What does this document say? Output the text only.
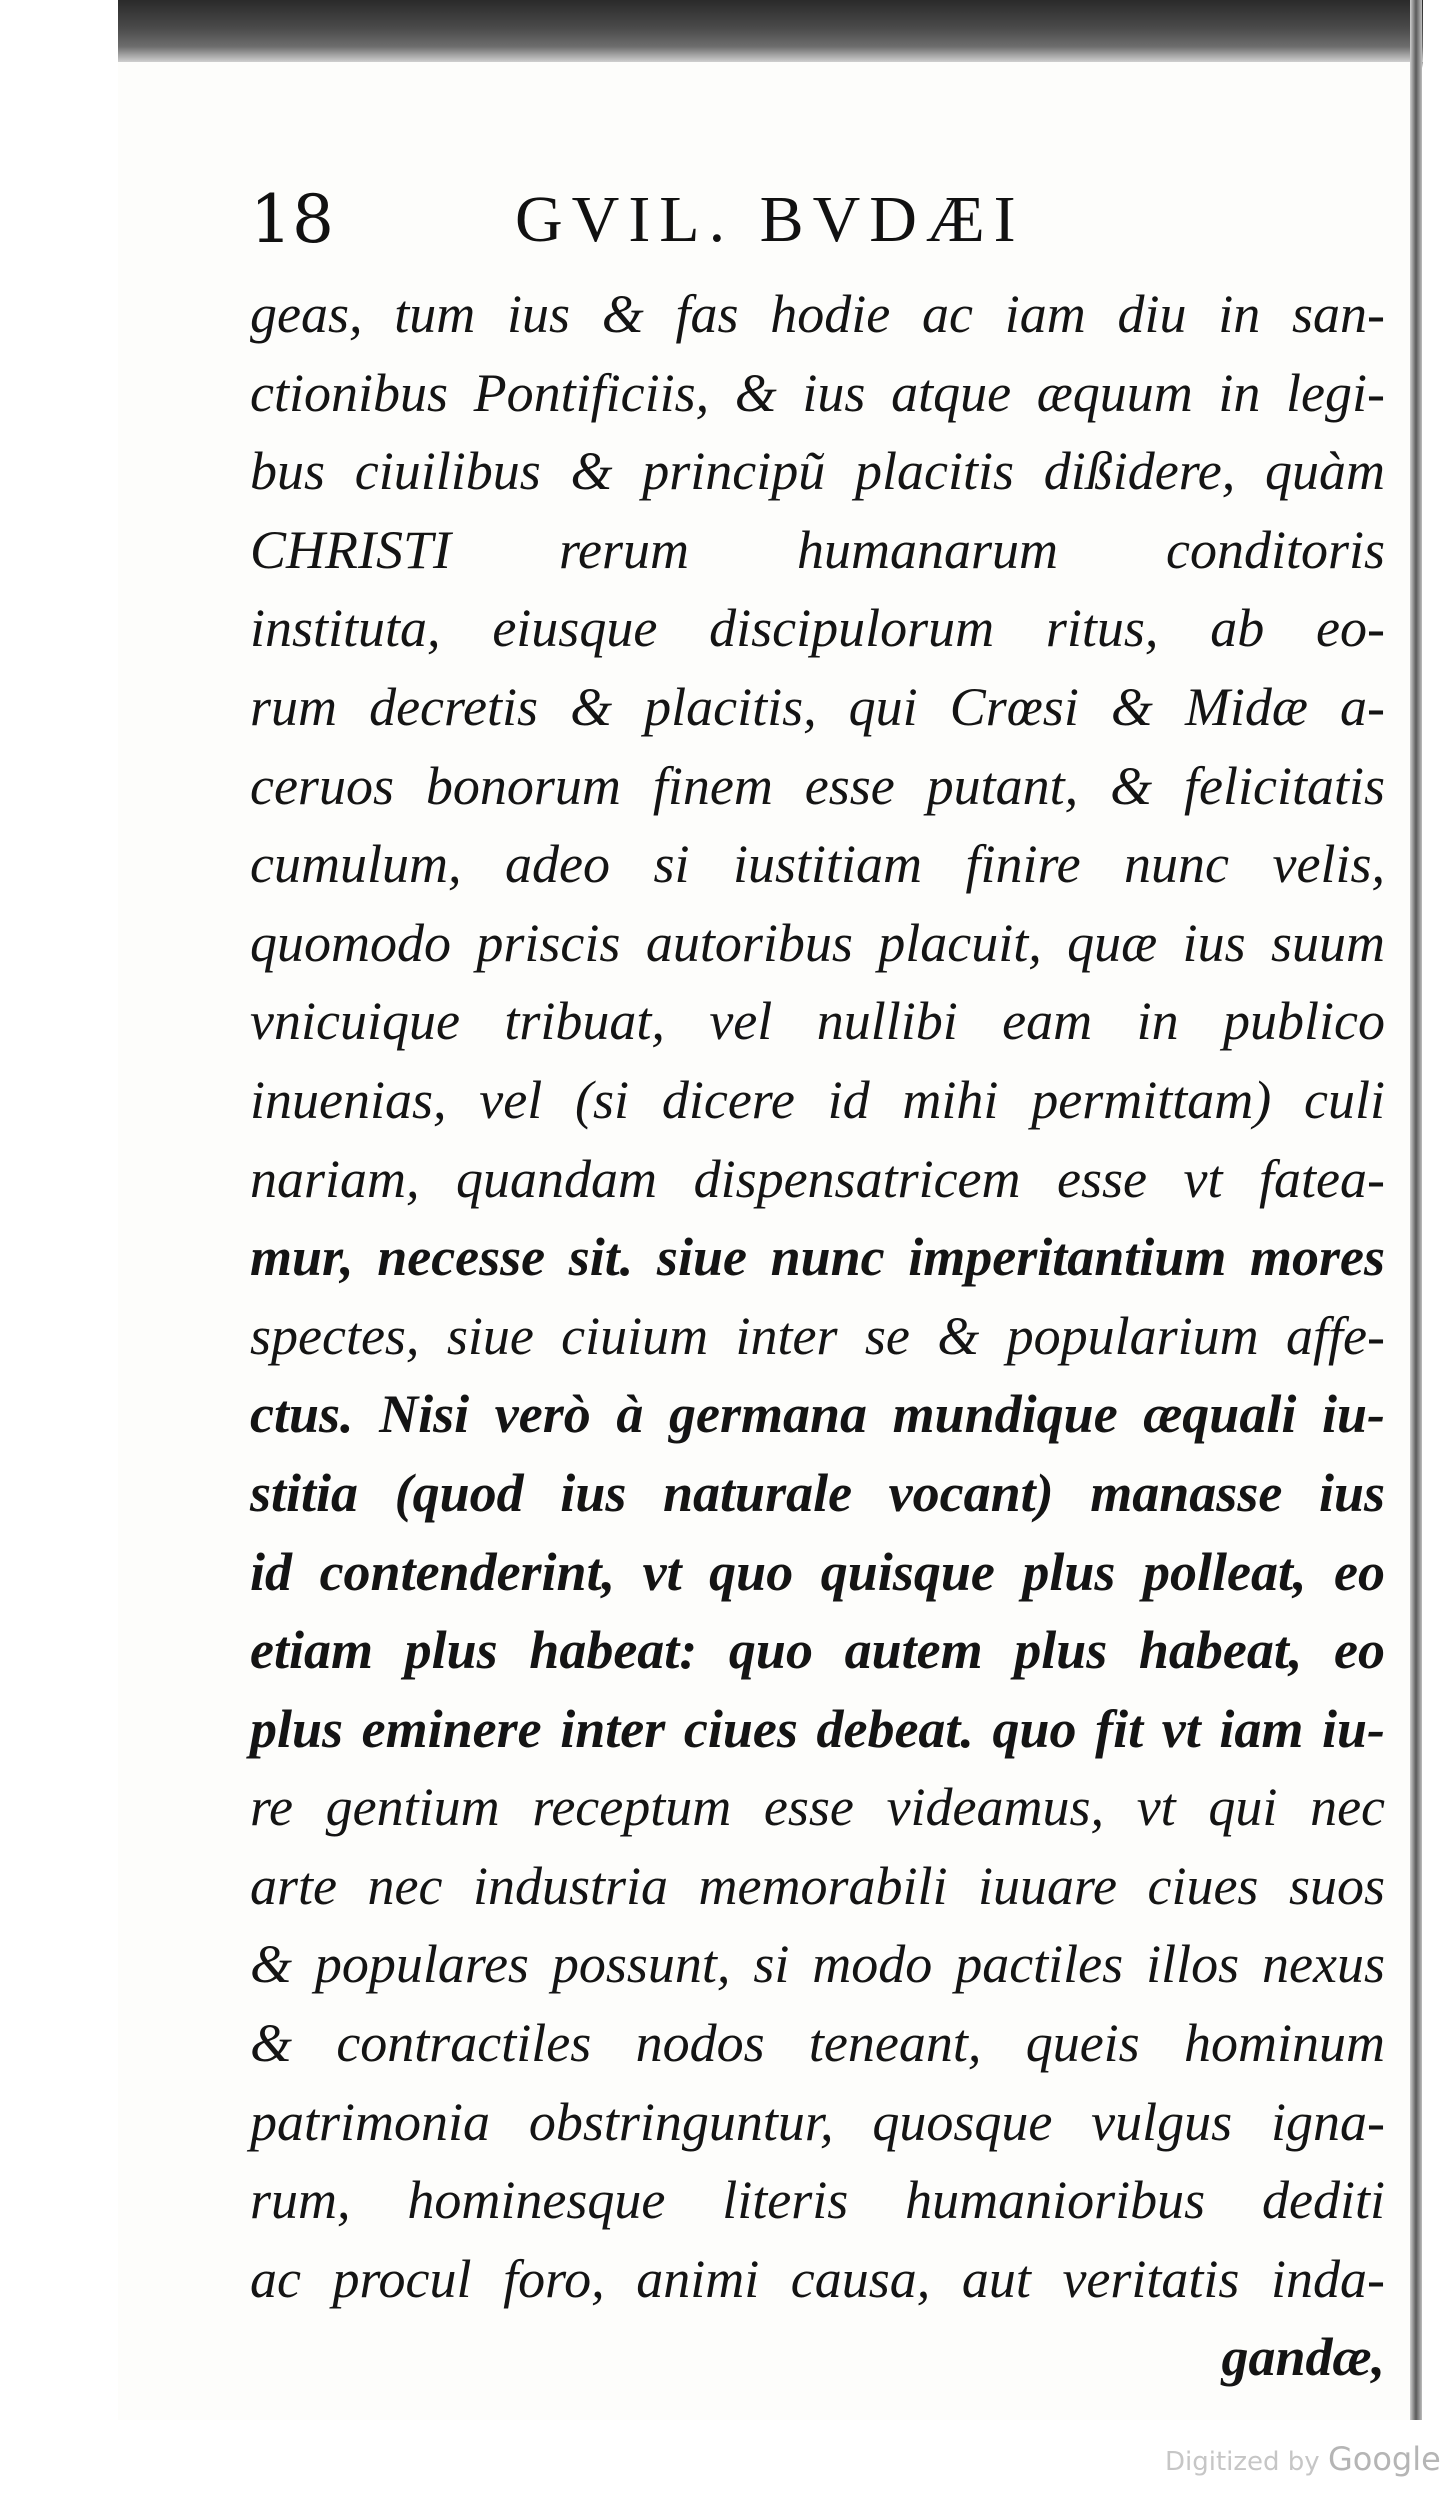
18	GVIL. BVDÆI
geas, tum ius & fas hodie ac iam diu in san-
ctionibus Pontificiis, & ius atque æquum in legi-
bus ciuilibus & principũ placitis dißidere, quàm
CHRISTI rerum humanarum conditoris
instituta, eiusque discipulorum ritus, ab eo-
rum decretis & placitis, qui Crœsi & Midæ a-
ceruos bonorum finem esse putant, & felicitatis
cumulum, adeo si iustitiam finire nunc velis,
quomodo priscis autoribus placuit, quæ ius suum
vnicuique tribuat, vel nullibi eam in publico
inuenias, vel (si dicere id mihi permittam) culi
nariam, quandam dispensatricem esse vt fatea-
mur, necesse sit. siue nunc imperitantium mores
spectes, siue ciuium inter se & popularium affe-
ctus. Nisi verò à germana mundique æquali iu-
stitia (quod ius naturale vocant) manasse ius
id contenderint, vt quo quisque plus polleat, eo
etiam plus habeat: quo autem plus habeat, eo
plus eminere inter ciues debeat. quo fit vt iam iu-
re gentium receptum esse videamus, vt qui nec
arte nec industria memorabili iuuare ciues suos
& populares possunt, si modo pactiles illos nexus
& contractiles nodos teneant, queis hominum
patrimonia obstringuntur, quosque vulgus igna-
rum, hominesque literis humanioribus dediti
ac procul foro, animi causa, aut veritatis inda-
gandæ,
Digitized by Google
